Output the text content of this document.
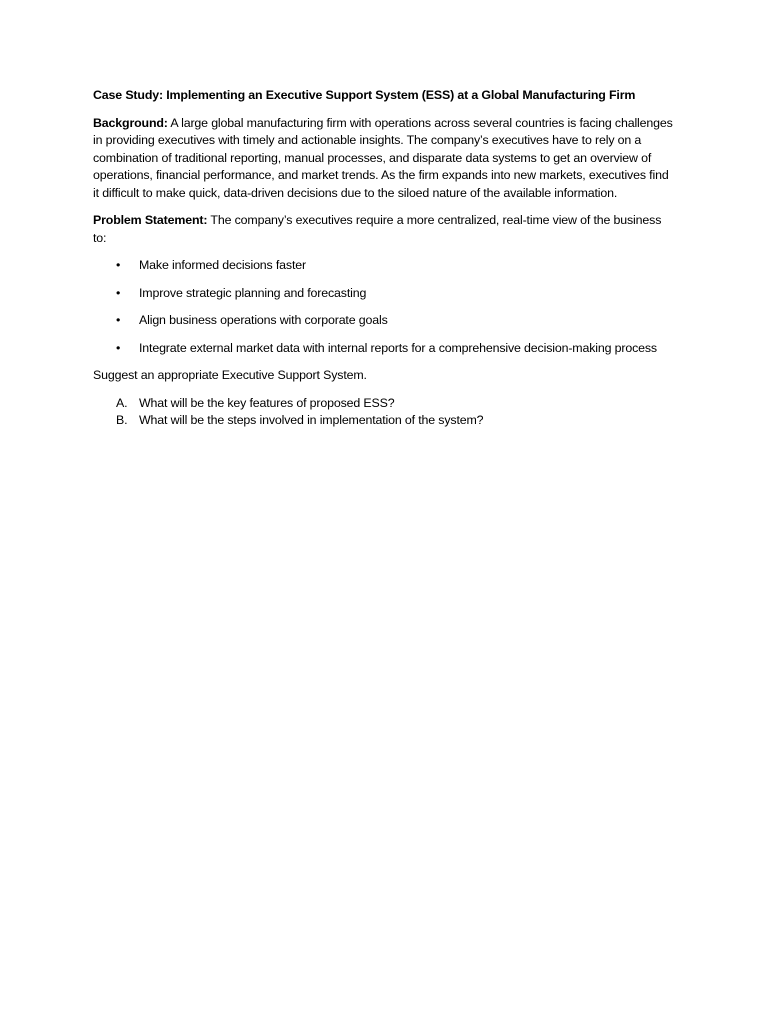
Case Study: Implementing an Executive Support System (ESS) at a Global Manufacturing Firm

Background: A large global manufacturing firm with operations across several countries is facing challenges in providing executives with timely and actionable insights. The company’s executives have to rely on a combination of traditional reporting, manual processes, and disparate data systems to get an overview of operations, financial performance, and market trends. As the firm expands into new markets, executives find it difficult to make quick, data-driven decisions due to the siloed nature of the available information.

Problem Statement: The company’s executives require a more centralized, real-time view of the business to:

• Make informed decisions faster
• Improve strategic planning and forecasting
• Align business operations with corporate goals
• Integrate external market data with internal reports for a comprehensive decision-making process

Suggest an appropriate Executive Support System.

A. What will be the key features of proposed ESS?
B. What will be the steps involved in implementation of the system?
